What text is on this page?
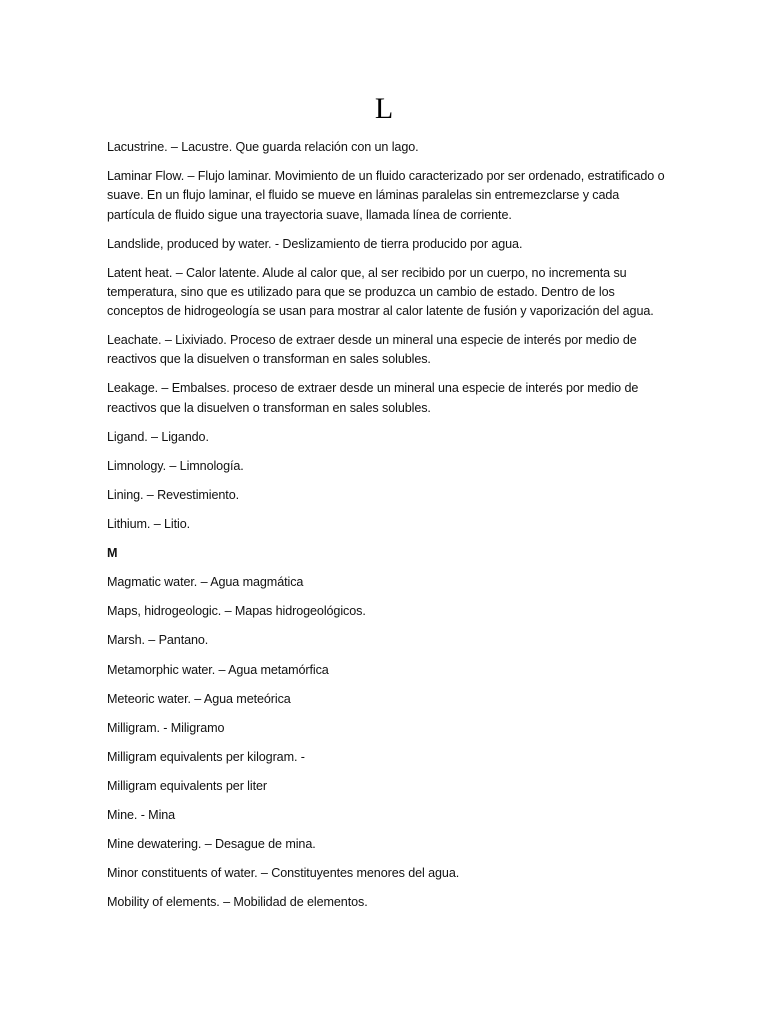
L

Lacustrine. – Lacustre. Que guarda relación con un lago.

Laminar Flow. – Flujo laminar. Movimiento de un fluido caracterizado por ser ordenado, estratificado o suave. En un flujo laminar, el fluido se mueve en láminas paralelas sin entremezclarse y cada partícula de fluido sigue una trayectoria suave, llamada línea de corriente.

Landslide, produced by water. - Deslizamiento de tierra producido por agua.

Latent heat. – Calor latente. Alude al calor que, al ser recibido por un cuerpo, no incrementa su temperatura, sino que es utilizado para que se produzca un cambio de estado. Dentro de los conceptos de hidrogeología se usan para mostrar al calor latente de fusión y vaporización del agua.

Leachate. – Lixiviado. Proceso de extraer desde un mineral una especie de interés por medio de reactivos que la disuelven o transforman en sales solubles.

Leakage. – Embalses. proceso de extraer desde un mineral una especie de interés por medio de reactivos que la disuelven o transforman en sales solubles.

Ligand. – Ligando.

Limnology. – Limnología.

Lining. – Revestimiento.

Lithium. – Litio.

M

Magmatic water. – Agua magmática

Maps, hidrogeologic. – Mapas hidrogeológicos.

Marsh. – Pantano.

Metamorphic water. – Agua metamórfica

Meteoric water. – Agua meteórica

Milligram. - Miligramo

Milligram equivalents per kilogram. -

Milligram equivalents per liter

Mine. - Mina

Mine dewatering. – Desague de mina.

Minor constituents of water. – Constituyentes menores del agua.

Mobility of elements. – Mobilidad de elementos.
